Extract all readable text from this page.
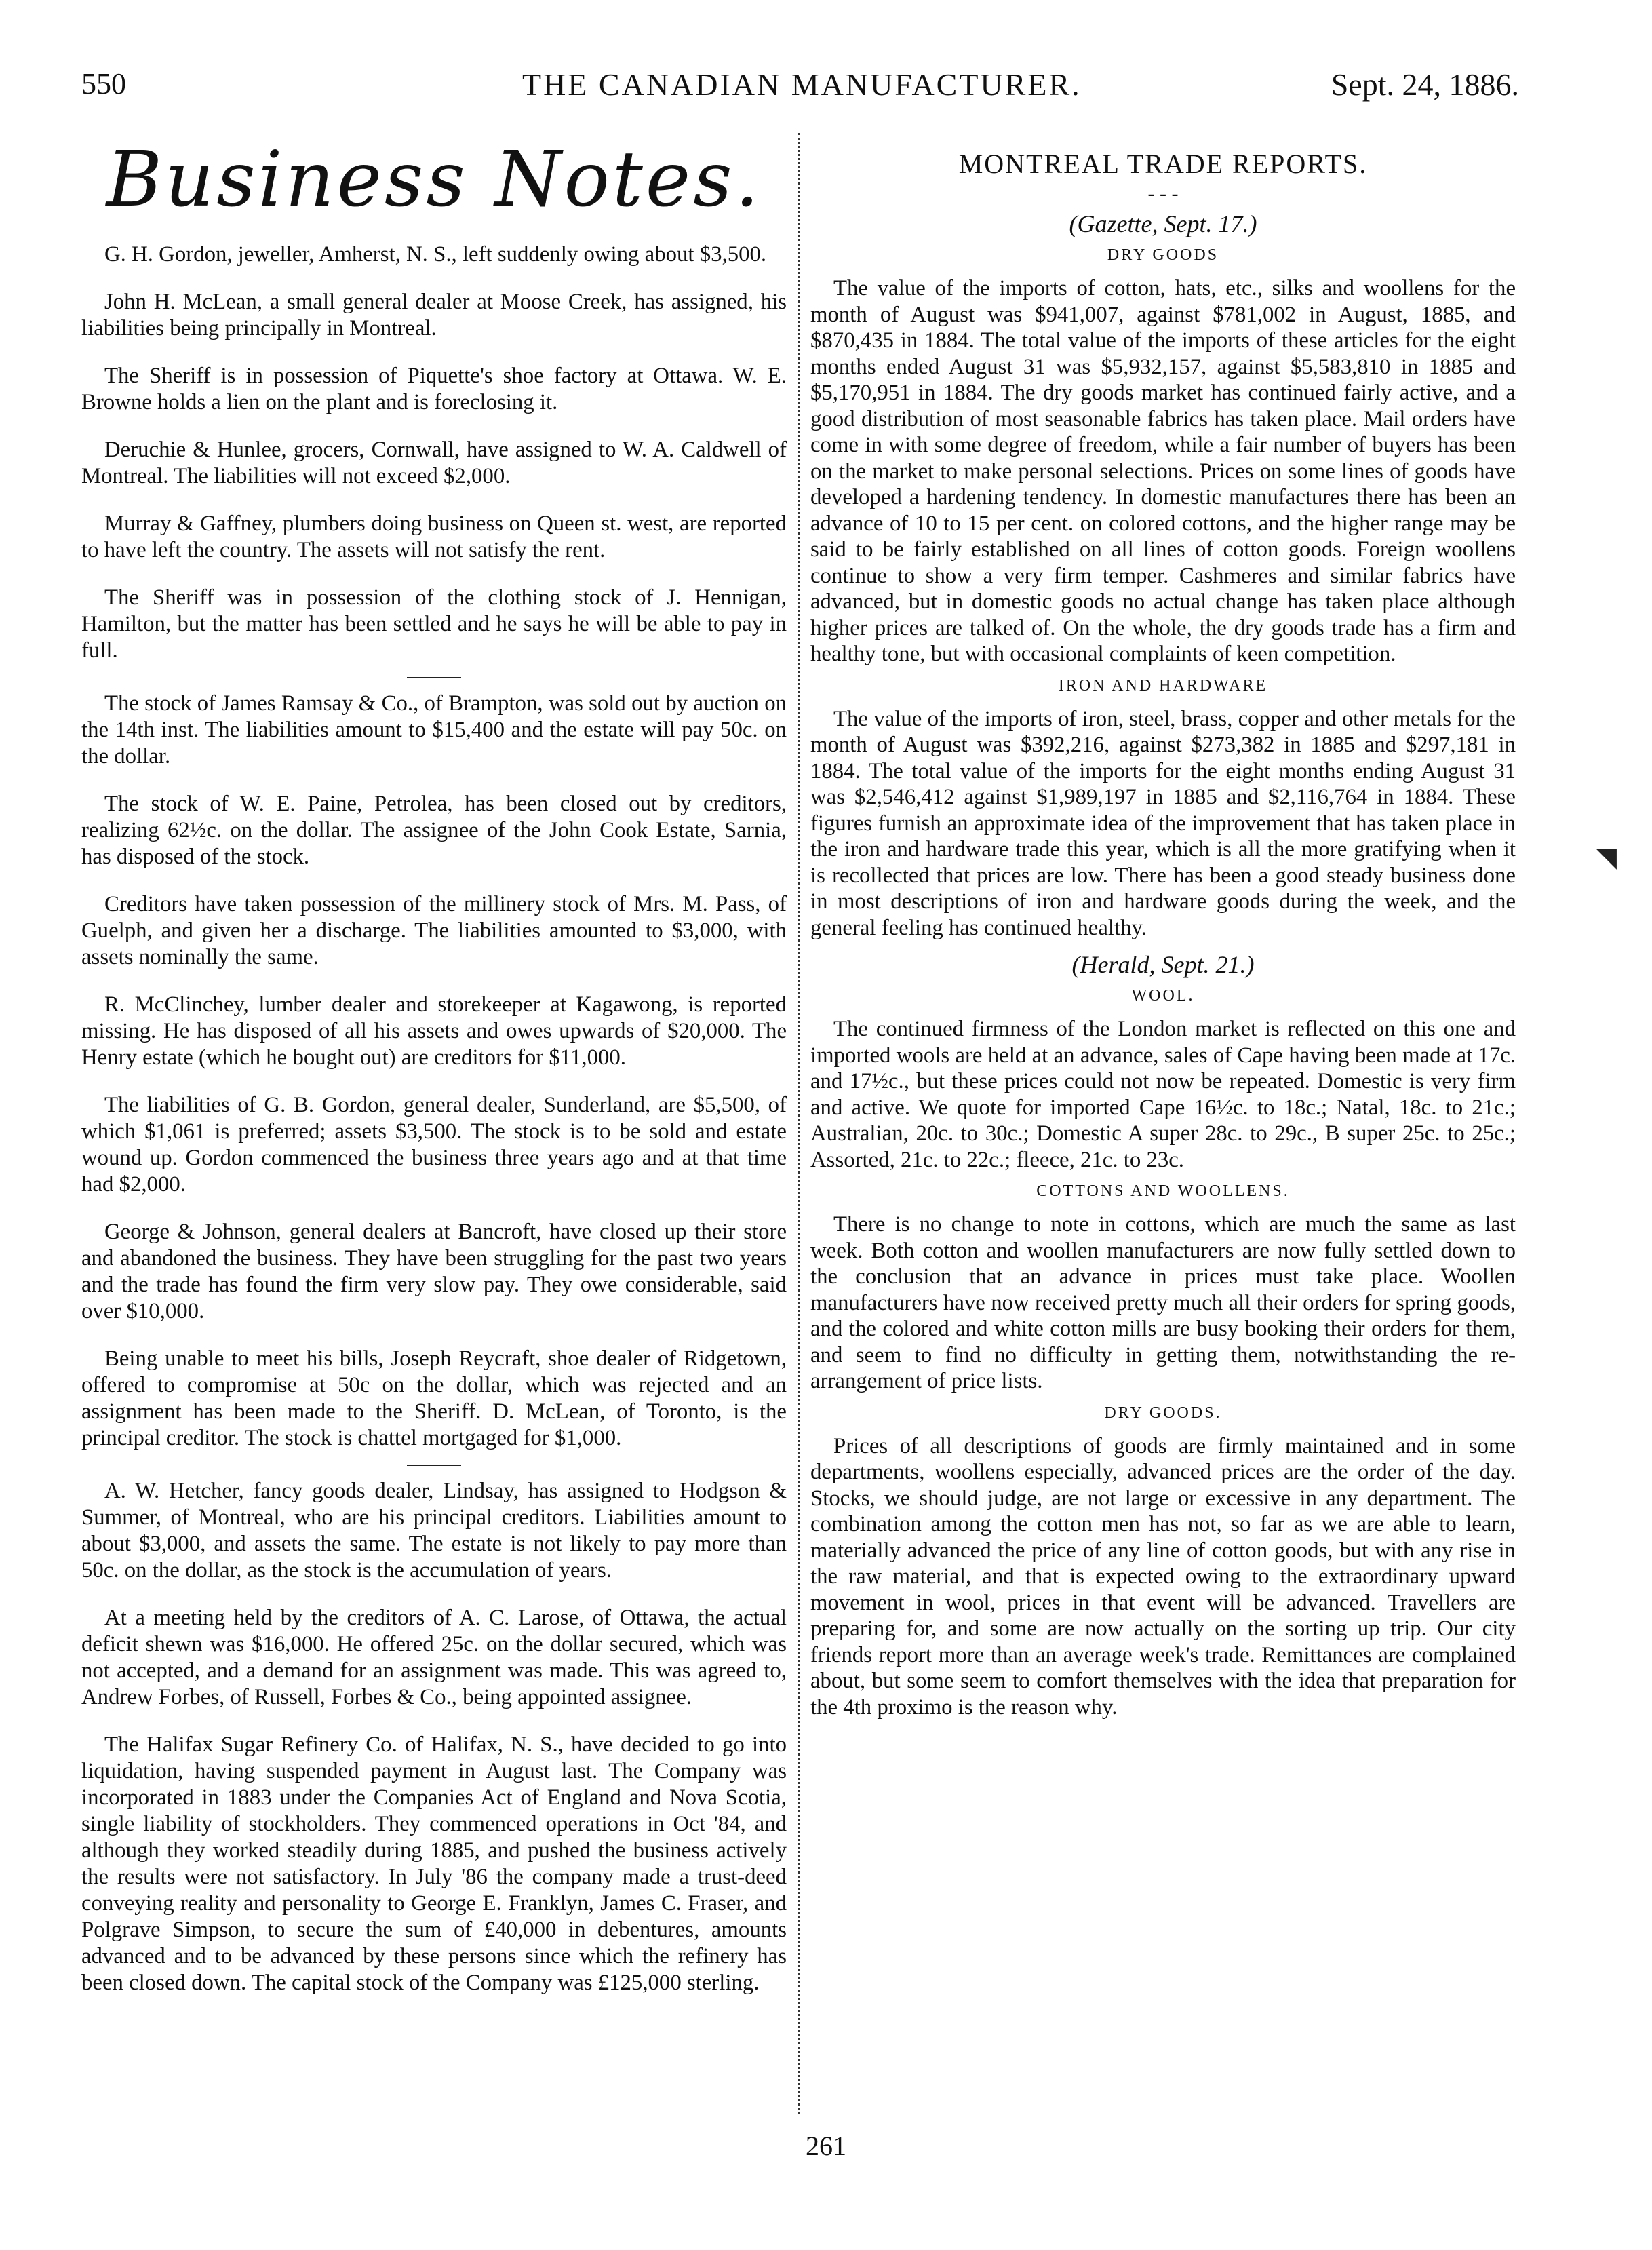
550	THE CANADIAN MANUFACTURER.	Sept. 24, 1886.
Business Notes.

G. H. Gordon, jeweller, Amherst, N. S., left suddenly owing about $3,500.

John H. McLean, a small general dealer at Moose Creek, has assigned, his liabilities being principally in Montreal.

The Sheriff is in possession of Piquette's shoe factory at Ottawa. W. E. Browne holds a lien on the plant and is foreclosing it.

Deruchie & Hunlee, grocers, Cornwall, have assigned to W. A. Caldwell of Montreal. The liabilities will not exceed $2,000.

Murray & Gaffney, plumbers doing business on Queen st. west, are reported to have left the country. The assets will not satisfy the rent.

The Sheriff was in possession of the clothing stock of J. Hennigan, Hamilton, but the matter has been settled and he says he will be able to pay in full.

The stock of James Ramsay & Co., of Brampton, was sold out by auction on the 14th inst. The liabilities amount to $15,400 and the estate will pay 50c. on the dollar.

The stock of W. E. Paine, Petrolea, has been closed out by creditors, realizing 62½c. on the dollar. The assignee of the John Cook Estate, Sarnia, has disposed of the stock.

Creditors have taken possession of the millinery stock of Mrs. M. Pass, of Guelph, and given her a discharge. The liabilities amounted to $3,000, with assets nominally the same.

R. McClinchey, lumber dealer and storekeeper at Kagawong, is reported missing. He has disposed of all his assets and owes upwards of $20,000. The Henry estate (which he bought out) are creditors for $11,000.

The liabilities of G. B. Gordon, general dealer, Sunderland, are $5,500, of which $1,061 is preferred; assets $3,500. The stock is to be sold and estate wound up. Gordon commenced the business three years ago and at that time had $2,000.

George & Johnson, general dealers at Bancroft, have closed up their store and abandoned the business. They have been struggling for the past two years and the trade has found the firm very slow pay. They owe considerable, said over $10,000.

Being unable to meet his bills, Joseph Reycraft, shoe dealer of Ridgetown, offered to compromise at 50c on the dollar, which was rejected and an assignment has been made to the Sheriff. D. McLean, of Toronto, is the principal creditor. The stock is chattel mortgaged for $1,000.

A. W. Hetcher, fancy goods dealer, Lindsay, has assigned to Hodgson & Summer, of Montreal, who are his principal creditors. Liabilities amount to about $3,000, and assets the same. The estate is not likely to pay more than 50c. on the dollar, as the stock is the accumulation of years.

At a meeting held by the creditors of A. C. Larose, of Ottawa, the actual deficit shewn was $16,000. He offered 25c. on the dollar secured, which was not accepted, and a demand for an assignment was made. This was agreed to, Andrew Forbes, of Russell, Forbes & Co., being appointed assignee.

The Halifax Sugar Refinery Co. of Halifax, N. S., have decided to go into liquidation, having suspended payment in August last. The Company was incorporated in 1883 under the Companies Act of England and Nova Scotia, single liability of stockholders. They commenced operations in Oct '84, and although they worked steadily during 1885, and pushed the business actively the results were not satisfactory. In July '86 the company made a trust-deed conveying reality and personality to George E. Franklyn, James C. Fraser, and Polgrave Simpson, to secure the sum of £40,000 in debentures, amounts advanced and to be advanced by these persons since which the refinery has been closed down. The capital stock of the Company was £125,000 sterling.

MONTREAL TRADE REPORTS.
- - -
(Gazette, Sept. 17.)
DRY GOODS

The value of the imports of cotton, hats, etc., silks and woollens for the month of August was $941,007, against $781,002 in August, 1885, and $870,435 in 1884. The total value of the imports of these articles for the eight months ended August 31 was $5,932,157, against $5,583,810 in 1885 and $5,170,951 in 1884. The dry goods market has continued fairly active, and a good distribution of most seasonable fabrics has taken place. Mail orders have come in with some degree of freedom, while a fair number of buyers has been on the market to make personal selections. Prices on some lines of goods have developed a hardening tendency. In domestic manufactures there has been an advance of 10 to 15 per cent. on colored cottons, and the higher range may be said to be fairly established on all lines of cotton goods. Foreign woollens continue to show a very firm temper. Cashmeres and similar fabrics have advanced, but in domestic goods no actual change has taken place although higher prices are talked of. On the whole, the dry goods trade has a firm and healthy tone, but with occasional complaints of keen competition.

IRON AND HARDWARE

The value of the imports of iron, steel, brass, copper and other metals for the month of August was $392,216, against $273,382 in 1885 and $297,181 in 1884. The total value of the imports for the eight months ending August 31 was $2,546,412 against $1,989,197 in 1885 and $2,116,764 in 1884. These figures furnish an approximate idea of the improvement that has taken place in the iron and hardware trade this year, which is all the more gratifying when it is recollected that prices are low. There has been a good steady business done in most descriptions of iron and hardware goods during the week, and the general feeling has continued healthy.

(Herald, Sept. 21.)
WOOL.

The continued firmness of the London market is reflected on this one and imported wools are held at an advance, sales of Cape having been made at 17c. and 17½c., but these prices could not now be repeated. Domestic is very firm and active. We quote for imported Cape 16½c. to 18c.; Natal, 18c. to 21c.; Australian, 20c. to 30c.; Domestic A super 28c. to 29c., B super 25c. to 25c.; Assorted, 21c. to 22c.; fleece, 21c. to 23c.

COTTONS AND WOOLLENS.

There is no change to note in cottons, which are much the same as last week. Both cotton and woollen manufacturers are now fully settled down to the conclusion that an advance in prices must take place. Woollen manufacturers have now received pretty much all their orders for spring goods, and the colored and white cotton mills are busy booking their orders for them, and seem to find no difficulty in getting them, notwithstanding the re-arrangement of price lists.

DRY GOODS.

Prices of all descriptions of goods are firmly maintained and in some departments, woollens especially, advanced prices are the order of the day. Stocks, we should judge, are not large or excessive in any department. The combination among the cotton men has not, so far as we are able to learn, materially advanced the price of any line of cotton goods, but with any rise in the raw material, and that is expected owing to the extraordinary upward movement in wool, prices in that event will be advanced. Travellers are preparing for, and some are now actually on the sorting up trip. Our city friends report more than an average week's trade. Remittances are complained about, but some seem to comfort themselves with the idea that preparation for the 4th proximo is the reason why.

261
◥
